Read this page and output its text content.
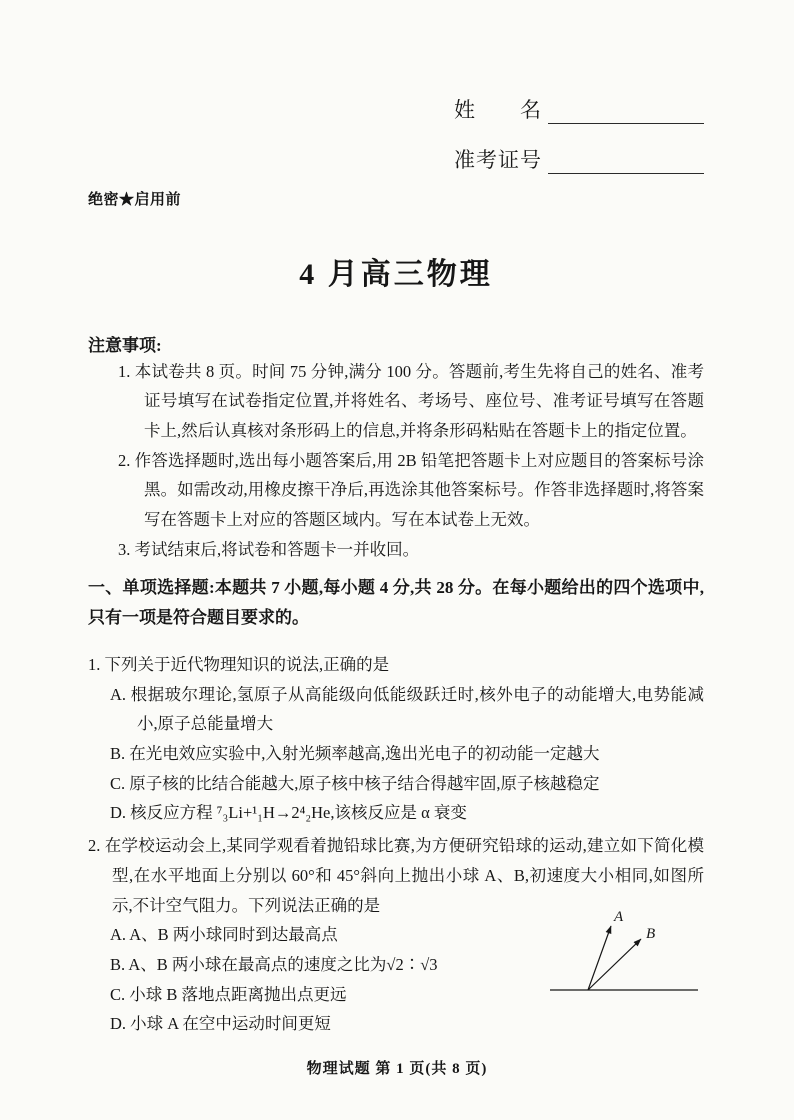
姓　　名
准考证号
绝密★启用前
4 月高三物理
注意事项:

1. 本试卷共 8 页。时间 75 分钟,满分 100 分。答题前,考生先将自己的姓名、准考证号填写在试卷指定位置,并将姓名、考场号、座位号、准考证号填写在答题卡上,然后认真核对条形码上的信息,并将条形码粘贴在答题卡上的指定位置。

2. 作答选择题时,选出每小题答案后,用 2B 铅笔把答题卡上对应题目的答案标号涂黑。如需改动,用橡皮擦干净后,再选涂其他答案标号。作答非选择题时,将答案写在答题卡上对应的答题区域内。写在本试卷上无效。

3. 考试结束后,将试卷和答题卡一并收回。

一、单项选择题:本题共 7 小题,每小题 4 分,共 28 分。在每小题给出的四个选项中,只有一项是符合题目要求的。

1. 下列关于近代物理知识的说法,正确的是
A. 根据玻尔理论,氢原子从高能级向低能级跃迁时,核外电子的动能增大,电势能减小,原子总能量增大
B. 在光电效应实验中,入射光频率越高,逸出光电子的初动能一定越大
C. 原子核的比结合能越大,原子核中核子结合得越牢固,原子核越稳定
D. 核反应方程 ⁷₃Li+¹₁H→2⁴₂He,该核反应是 α 衰变
2. 在学校运动会上,某同学观看着抛铅球比赛,为方便研究铅球的运动,建立如下简化模型,在水平地面上分别以 60°和 45°斜向上抛出小球 A、B,初速度大小相同,如图所示,不计空气阻力。下列说法正确的是
A. A、B 两小球同时到达最高点
B. A、B 两小球在最高点的速度之比为√2∶√3
C. 小球 B 落地点距离抛出点更远
D. 小球 A 在空中运动时间更短
A
B
物理试题 第 1 页(共 8 页)
